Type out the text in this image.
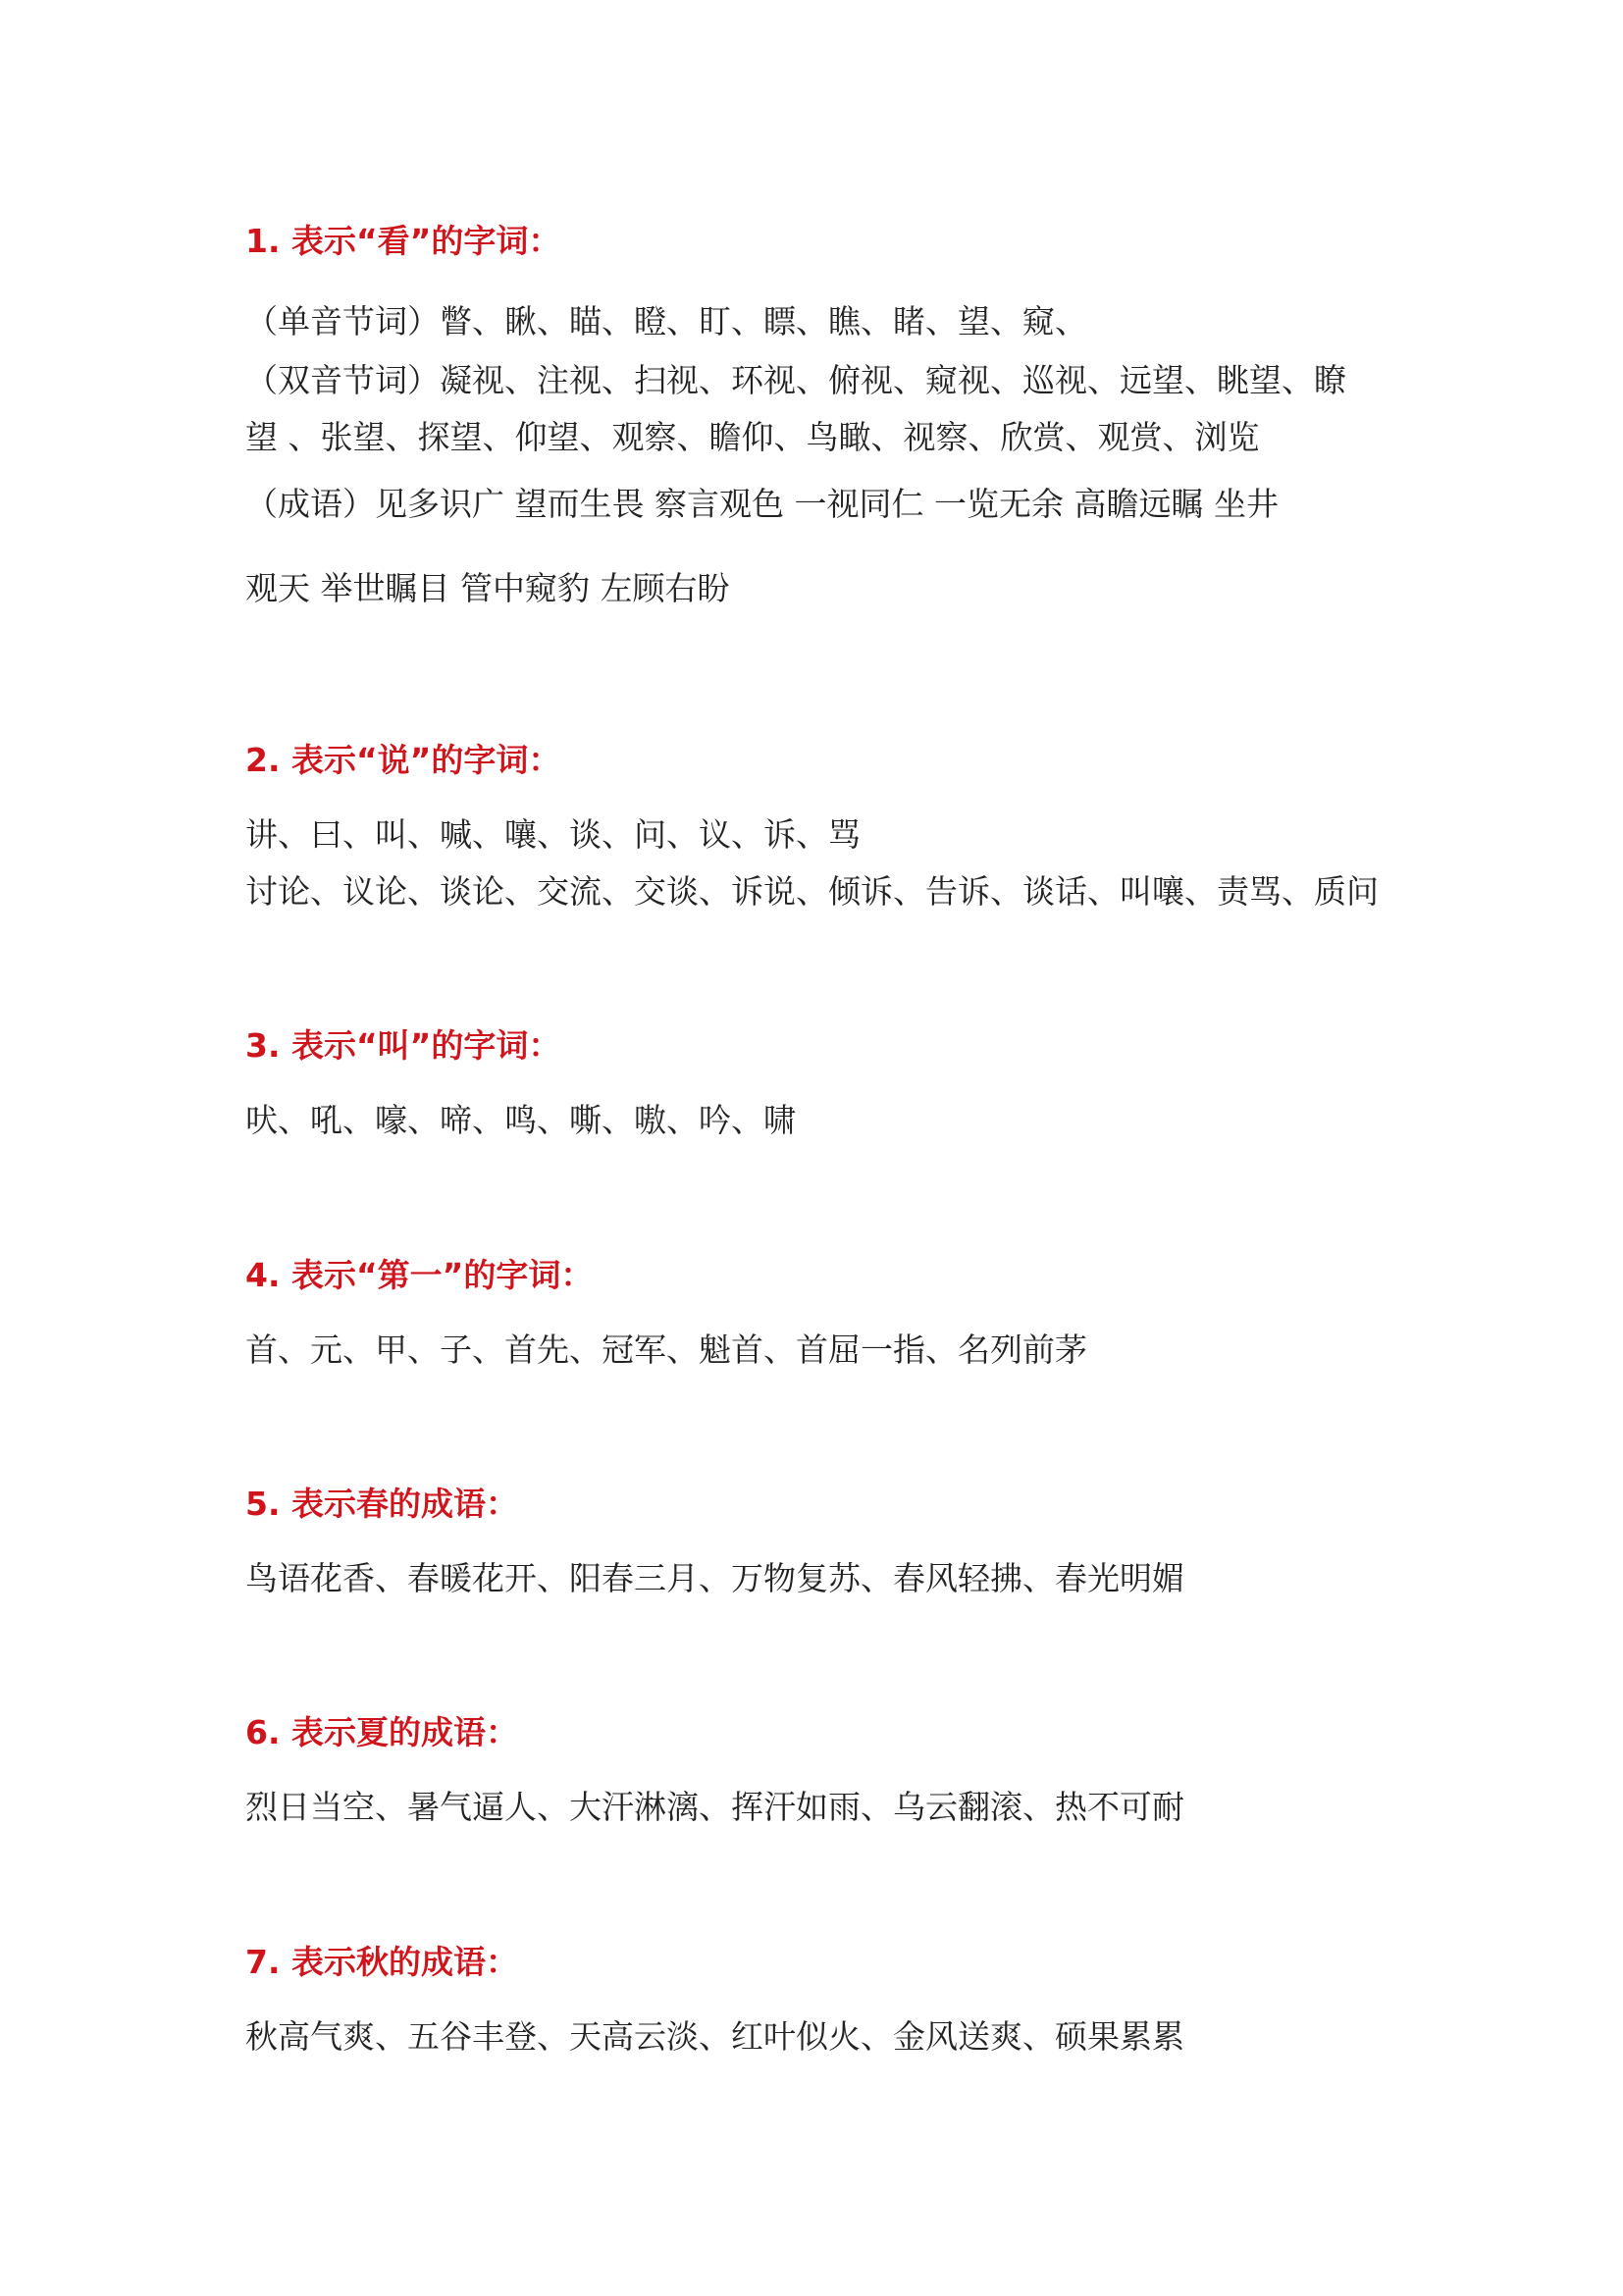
1. 表示“看”的字词：
（单音节词）瞥、瞅、瞄、瞪、盯、瞟、瞧、睹、望、窥、
（双音节词）凝视、注视、扫视、环视、俯视、窥视、巡视、远望、眺望、瞭
望 、张望、探望、仰望、观察、瞻仰、鸟瞰、视察、欣赏、观赏、浏览
（成语）见多识广 望而生畏 察言观色 一视同仁 一览无余 高瞻远瞩 坐井
观天 举世瞩目 管中窥豹 左顾右盼
2. 表示“说”的字词：
讲、曰、叫、喊、嚷、谈、问、议、诉、骂
讨论、议论、谈论、交流、交谈、诉说、倾诉、告诉、谈话、叫嚷、责骂、质问
3. 表示“叫”的字词：
吠、吼、嚎、啼、鸣、嘶、嗷、吟、啸
4. 表示“第一”的字词：
首、元、甲、子、首先、冠军、魁首、首屈一指、名列前茅
5. 表示春的成语：
鸟语花香、春暖花开、阳春三月、万物复苏、春风轻拂、春光明媚
6. 表示夏的成语：
烈日当空、暑气逼人、大汗淋漓、挥汗如雨、乌云翻滚、热不可耐
7. 表示秋的成语：
秋高气爽、五谷丰登、天高云淡、红叶似火、金风送爽、硕果累累
